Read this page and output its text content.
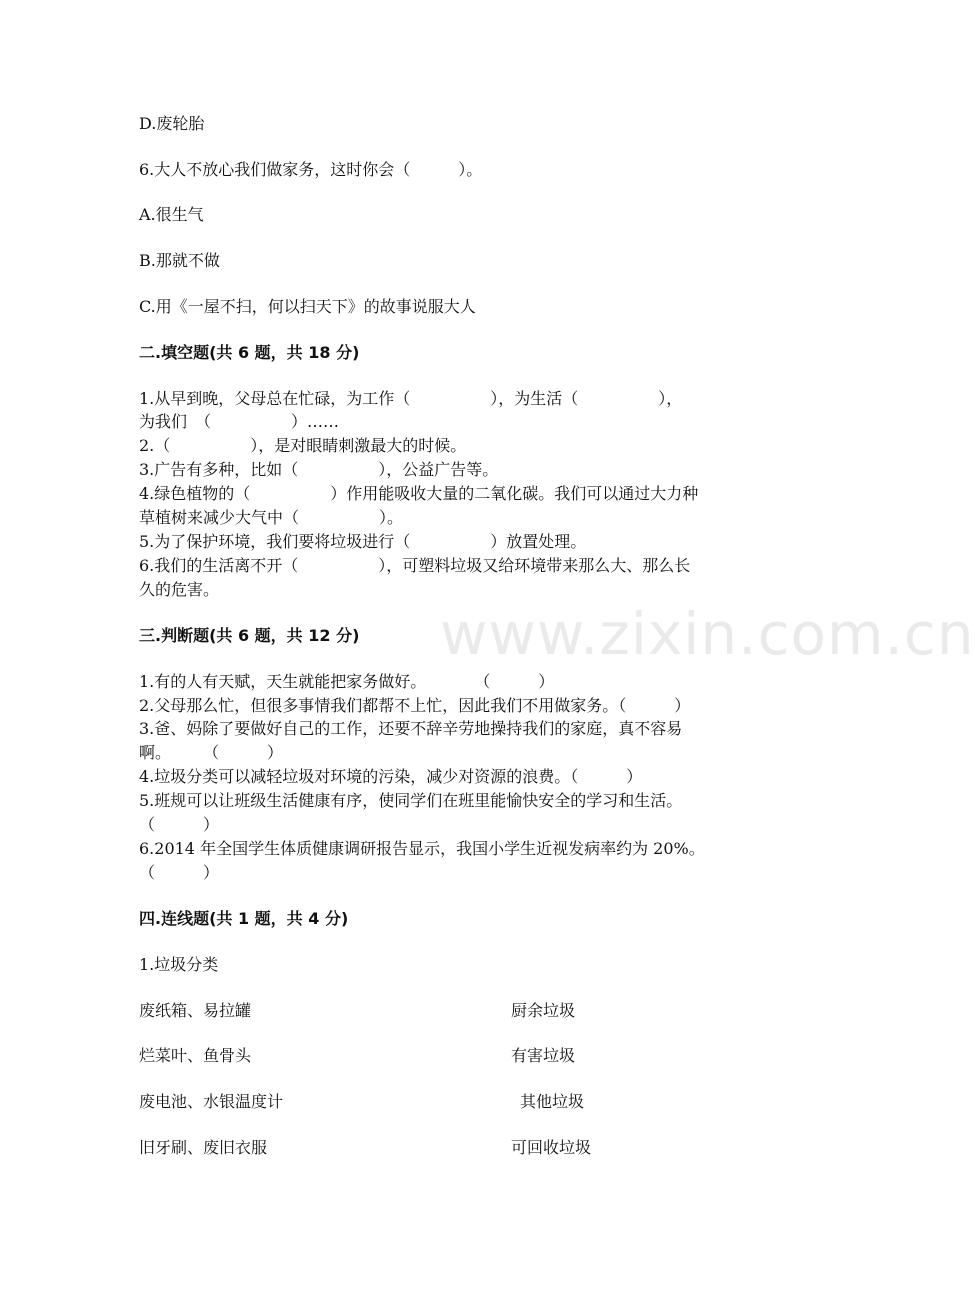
D.废轮胎
6.大人不放心我们做家务，这时你会（　　　）。
A.很生气
B.那就不做
C.用《一屋不扫，何以扫天下》的故事说服大人
二.填空题(共 6 题，共 18 分)
1.从早到晚，父母总在忙碌，为工作（　　　　　），为生活（　　　　　），
为我们　（　　　　　）……
2.（　　　　　），是对眼睛刺激最大的时候。
3.广告有多种，比如（　　　　　），公益广告等。
4.绿色植物的（　　　　　）作用能吸收大量的二氧化碳。我们可以通过大力种
草植树来减少大气中（　　　　　）。
5.为了保护环境，我们要将垃圾进行（　　　　　）放置处理。
6.我们的生活离不开（　　　　　），可塑料垃圾又给环境带来那么大、那么长
久的危害。
三.判断题(共 6 题，共 12 分)
1.有的人有天赋，天生就能把家务做好。　　　　（　　　）
2.父母那么忙，但很多事情我们都帮不上忙，因此我们不用做家务。（　　　）
3.爸、妈除了要做好自己的工作，还要不辞辛劳地操持我们的家庭，真不容易
啊。　　　（　　　）
4.垃圾分类可以减轻垃圾对环境的污染，减少对资源的浪费。（　　　）
5.班规可以让班级生活健康有序，使同学们在班里能愉快安全的学习和生活。
（　　　）
6.2014 年全国学生体质健康调研报告显示，我国小学生近视发病率约为 20%。
（　　　）
四.连线题(共 1 题，共 4 分)
1.垃圾分类
废纸箱、易拉罐	厨余垃圾
烂菜叶、鱼骨头	有害垃圾
废电池、水银温度计	其他垃圾
旧牙刷、废旧衣服	可回收垃圾
www.zixin.com.cn
